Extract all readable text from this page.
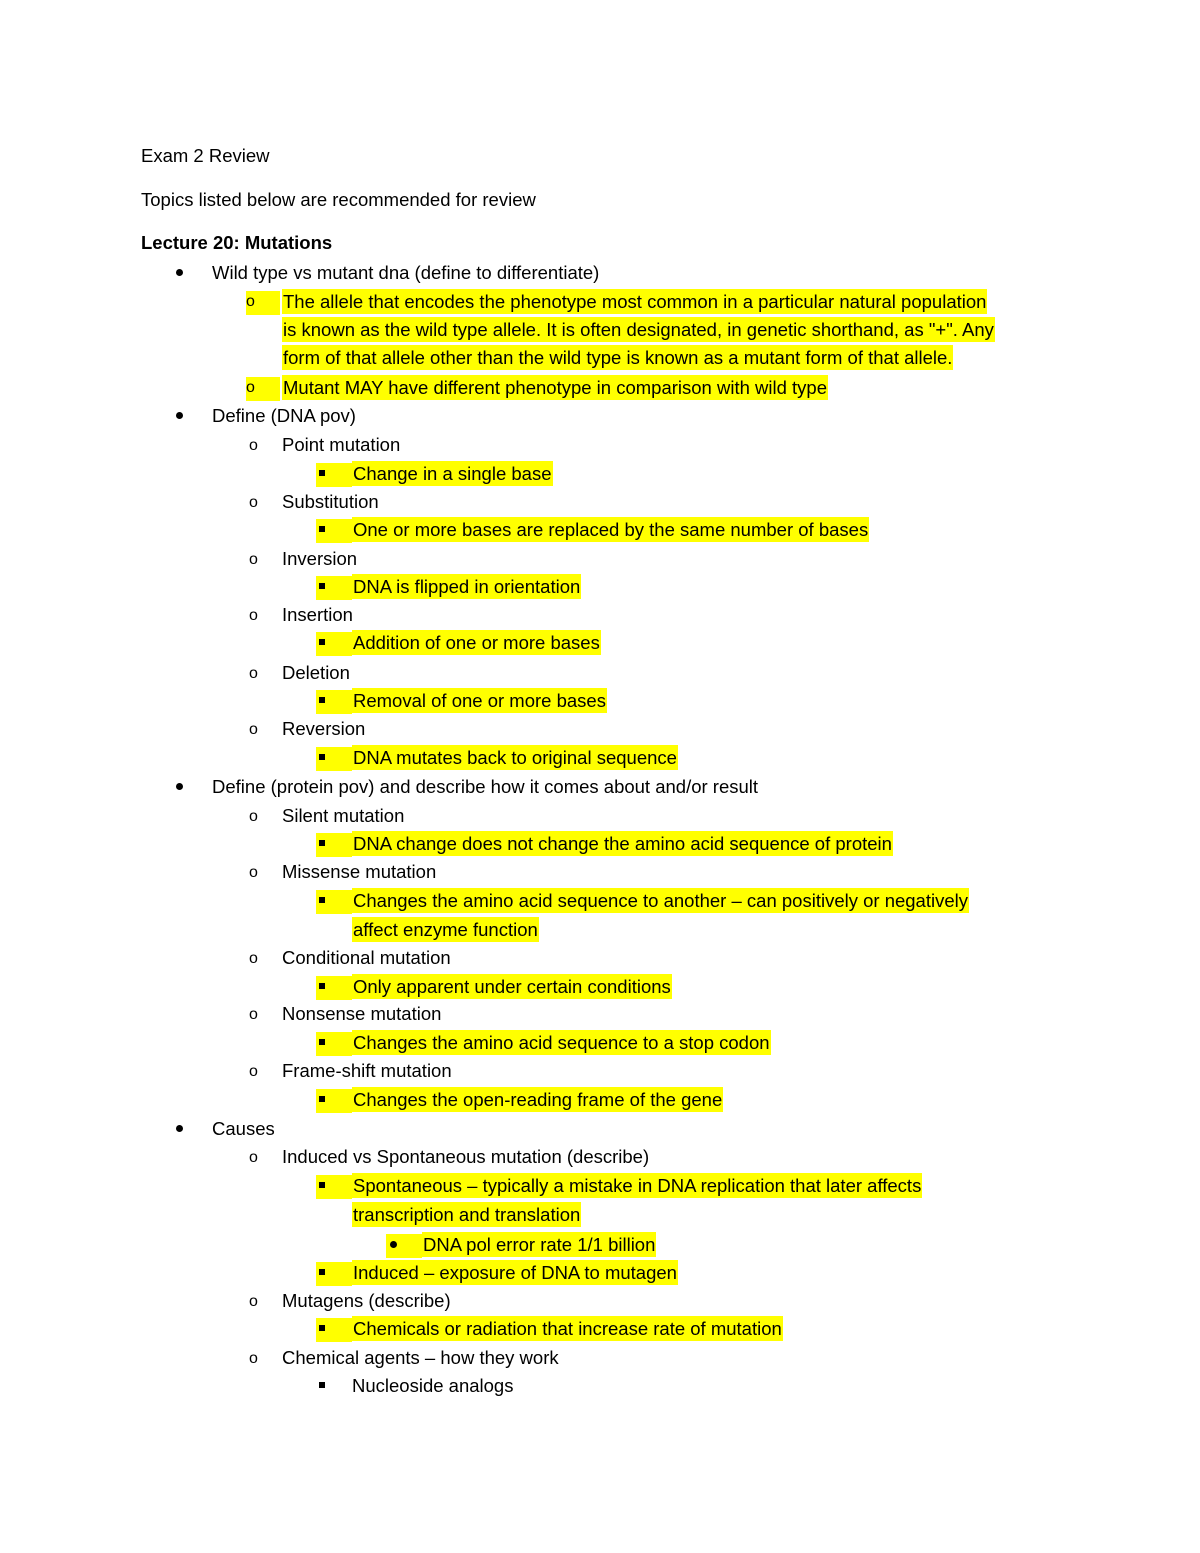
Exam 2 Review
Topics listed below are recommended for review
Lecture 20: Mutations
Wild type vs mutant dna (define to differentiate)
o	The allele that encodes the phenotype most common in a particular natural population
is known as the wild type allele. It is often designated, in genetic shorthand, as "+". Any
form of that allele other than the wild type is known as a mutant form of that allele.
o	Mutant MAY have different phenotype in comparison with wild type
Define (DNA pov)
o Point mutation
Change in a single base
o Substitution
One or more bases are replaced by the same number of bases
o Inversion
DNA is flipped in orientation
o Insertion
Addition of one or more bases
o Deletion
Removal of one or more bases
o Reversion
DNA mutates back to original sequence
Define (protein pov) and describe how it comes about and/or result
o Silent mutation
DNA change does not change the amino acid sequence of protein
o Missense mutation
Changes the amino acid sequence to another – can positively or negatively
affect enzyme function
o Conditional mutation
Only apparent under certain conditions
o Nonsense mutation
Changes the amino acid sequence to a stop codon
o Frame-shift mutation
Changes the open-reading frame of the gene
Causes
o Induced vs Spontaneous mutation (describe)
Spontaneous – typically a mistake in DNA replication that later affects
transcription and translation
DNA pol error rate 1/1 billion
Induced – exposure of DNA to mutagen
o Mutagens (describe)
Chemicals or radiation that increase rate of mutation
o Chemical agents – how they work
Nucleoside analogs
